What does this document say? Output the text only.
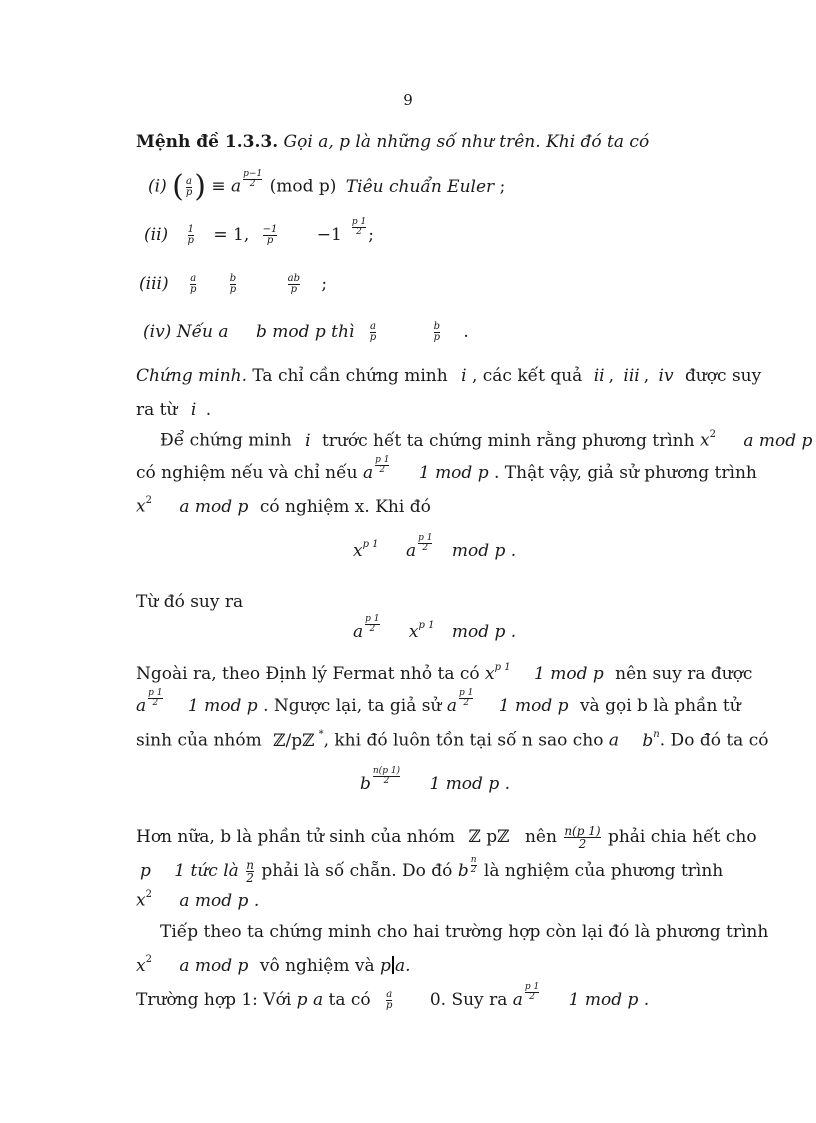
9
Mệnh đề 1.3.3. Gọi a, p là những số như trên. Khi đó ta có
(i) ( a
p ) ≡ a $\frac{p-1}{2} (mod$ p) Tiêu chuẩn Euler ;
$(ii) \frac{1}{p} = 1$, $\frac{-1}{p} -1 \frac{p 1}{2}$ ;
$(iii) \frac{a}{p}$
	$\frac{b}{p}$
	$\frac{ab}{p}$ ;
(iv) Nếu a b mod p thì $\frac{a}{p}$
	$\frac{b}{p}$ .
Chứng minh. Ta chỉ cần chứng minh i , các kết quả ii , iii , iv được suy
ra từ i .
Để chứng minh i trước hết ta chứng minh rằng phương trình $x^2$ a mod p
có nghiệm nếu và chỉ nếu a $\frac{p 1}{2} 1$ mod p . Thật vậy, giả sử phương trình
$x^2$ a mod p có nghiệm x. Khi đó
xp 1 a $\frac{p 1}{2}$ mod p .
Từ đó suy ra
a $\frac{p 1}{2}$ xp 1 mod p .
Ngoài ra, theo Định lý Fermat nhỏ ta có xp 1 1 mod p nên suy ra được
a $\frac{p 1}{2} 1$ mod p . Ngược lại, ta giả sử a $\frac{p 1}{2} 1$ mod p và gọi b là phần tử
sinh của nhóm ℤ/pℤ *, khi đó luôn tồn tại số n sao cho a $b^n$. Do đó ta có
b $\frac{n(p 1)}{2} 1$ mod p .
Hơn nữa, b là phần tử sinh của nhóm ℤ pℤ nên $\frac{n(p 1)}{2}$ phải chia hết cho
p 1 tức là $\frac{n}{2}$ phải là số chẵn. Do đó b $\frac{n}{2}$ là nghiệm của phương trình
$x^2$ a mod p .
Tiếp theo ta chứng minh cho hai trường hợp còn lại đó là phương trình
$x^2$ a mod p vô nghiệm và p a.
Trường hợp 1: Với p a ta có $\frac{a}{p} 0$. Suy ra a $\frac{p 1}{2} 1$ mod p .
